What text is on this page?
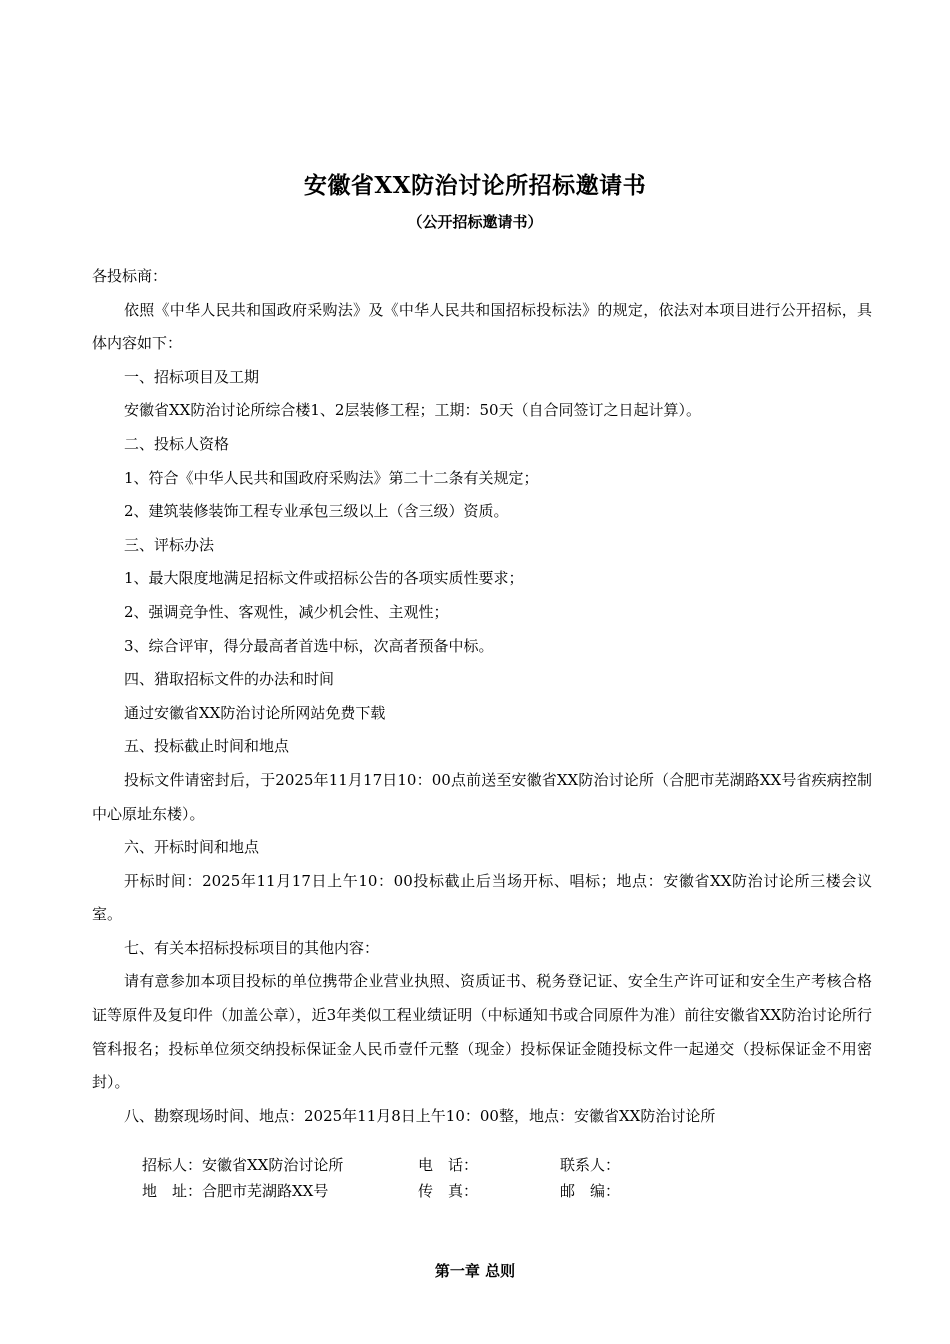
安徽省XX防治讨论所招标邀请书
（公开招标邀请书）

各投标商：

依照《中华人民共和国政府采购法》及《中华人民共和国招标投标法》的规定，依法对本项目进行公开招标，具体内容如下：

一、招标项目及工期

安徽省XX防治讨论所综合楼1、2层装修工程；工期：50天（自合同签订之日起计算）。

二、投标人资格

1、符合《中华人民共和国政府采购法》第二十二条有关规定；

2、建筑装修装饰工程专业承包三级以上（含三级）资质。

三、评标办法

1、最大限度地满足招标文件或招标公告的各项实质性要求；

2、强调竞争性、客观性，减少机会性、主观性；

3、综合评审，得分最高者首选中标，次高者预备中标。

四、猎取招标文件的办法和时间

通过安徽省XX防治讨论所网站免费下载

五、投标截止时间和地点

投标文件请密封后，于2025年11月17日10：00点前送至安徽省XX防治讨论所（合肥市芜湖路XX号省疾病控制中心原址东楼）。

六、开标时间和地点

开标时间：2025年11月17日上午10：00投标截止后当场开标、唱标；地点：安徽省XX防治讨论所三楼会议室。

七、有关本招标投标项目的其他内容：

请有意参加本项目投标的单位携带企业营业执照、资质证书、税务登记证、安全生产许可证和安全生产考核合格证等原件及复印件（加盖公章），近3年类似工程业绩证明（中标通知书或合同原件为准）前往安徽省XX防治讨论所行管科报名；投标单位须交纳投标保证金人民币壹仟元整（现金）投标保证金随投标文件一起递交（投标保证金不用密封）。

八、勘察现场时间、地点：2025年11月8日上午10：00整，地点：安徽省XX防治讨论所

招标人：安徽省XX防治讨论所	电　话：	联系人：
地　址：合肥市芜湖路XX号	传　真：	邮　编：
第一章 总则
